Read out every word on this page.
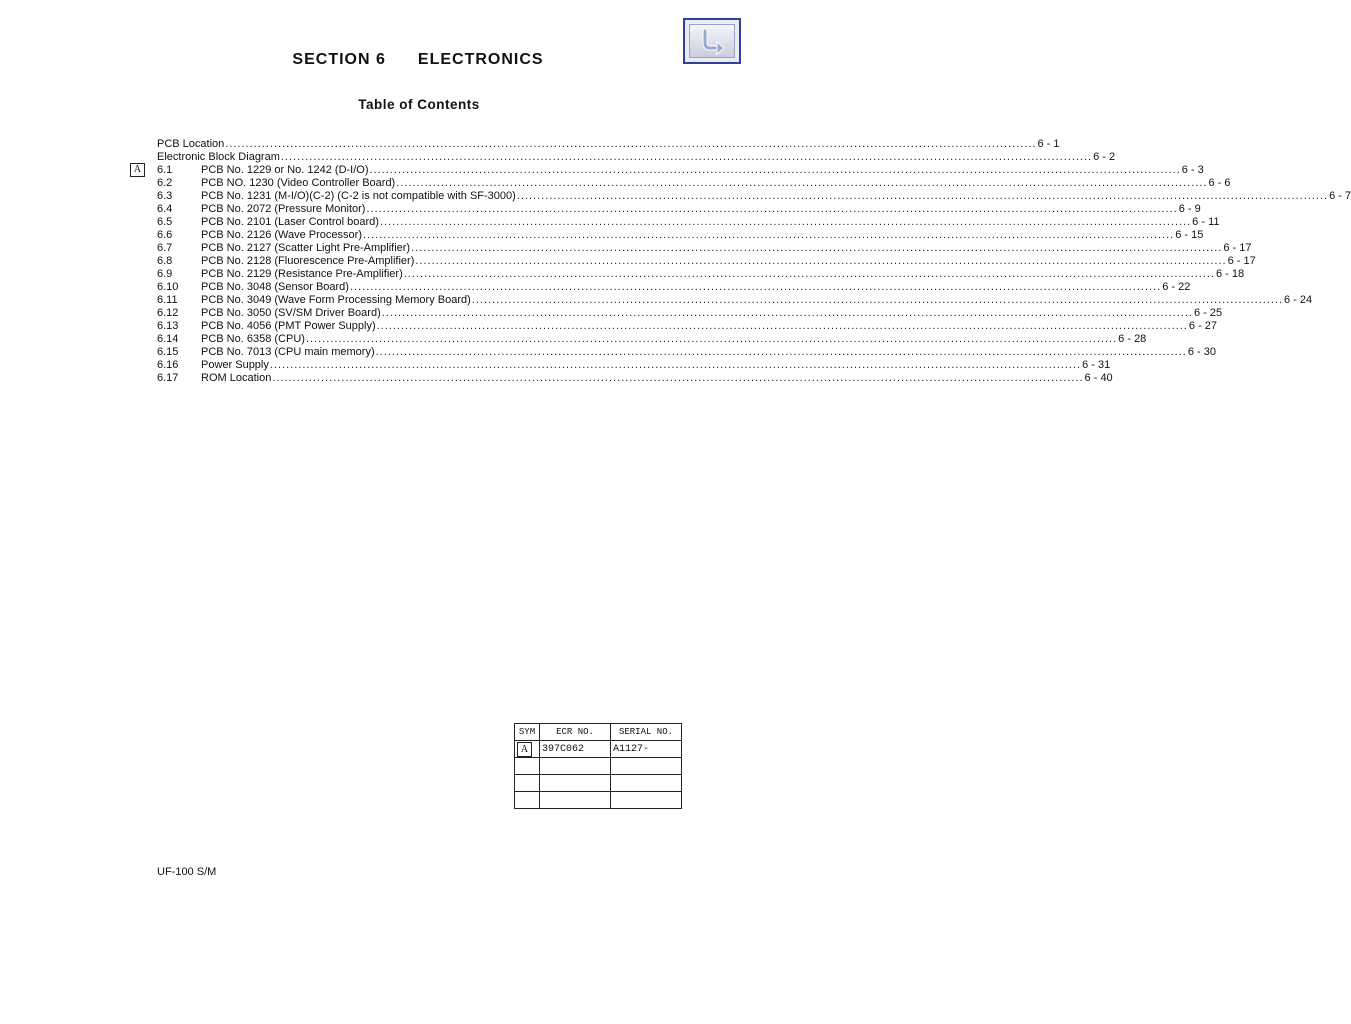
SECTION 6 ELECTRONICS
Table of Contents
PCB Location ........................................................................................................................................................................................................ 6 - 1
Electronic Block Diagram ........................................................................................................................................................................................................ 6 - 2
A	6.1	PCB No. 1229 or No. 1242 (D-I/O) ........................................................................................................................................................................................................ 6 - 3
6.2	PCB NO. 1230 (Video Controller Board) ........................................................................................................................................................................................................ 6 - 6
6.3	PCB No. 1231 (M-I/O)(C-2) (C-2 is not compatible with SF-3000) ........................................................................................................................................................................................................ 6 - 7
6.4	PCB No. 2072 (Pressure Monitor) ........................................................................................................................................................................................................ 6 - 9
6.5	PCB No. 2101 (Laser Control board) ........................................................................................................................................................................................................ 6 - 11
6.6	PCB No. 2126 (Wave Processor) ........................................................................................................................................................................................................ 6 - 15
6.7	PCB No. 2127 (Scatter Light Pre-Amplifier) ........................................................................................................................................................................................................ 6 - 17
6.8	PCB No. 2128 (Fluorescence Pre-Amplifier) ........................................................................................................................................................................................................ 6 - 17
6.9	PCB No. 2129 (Resistance Pre-Amplifier) ........................................................................................................................................................................................................ 6 - 18
6.10	PCB No. 3048 (Sensor Board) ........................................................................................................................................................................................................ 6 - 22
6.11	PCB No. 3049 (Wave Form Processing Memory Board) ........................................................................................................................................................................................................ 6 - 24
6.12	PCB No. 3050 (SV/SM Driver Board) ........................................................................................................................................................................................................ 6 - 25
6.13	PCB No. 4056 (PMT Power Supply) ........................................................................................................................................................................................................ 6 - 27
6.14	PCB No. 6358 (CPU) ........................................................................................................................................................................................................ 6 - 28
6.15	PCB No. 7013 (CPU main memory) ........................................................................................................................................................................................................ 6 - 30
6.16	Power Supply ........................................................................................................................................................................................................ 6 - 31
6.17	ROM Location ........................................................................................................................................................................................................ 6 - 40
SYM	ECR NO.	SERIAL NO.
A	397C062	A1127-

UF-100 S/M
